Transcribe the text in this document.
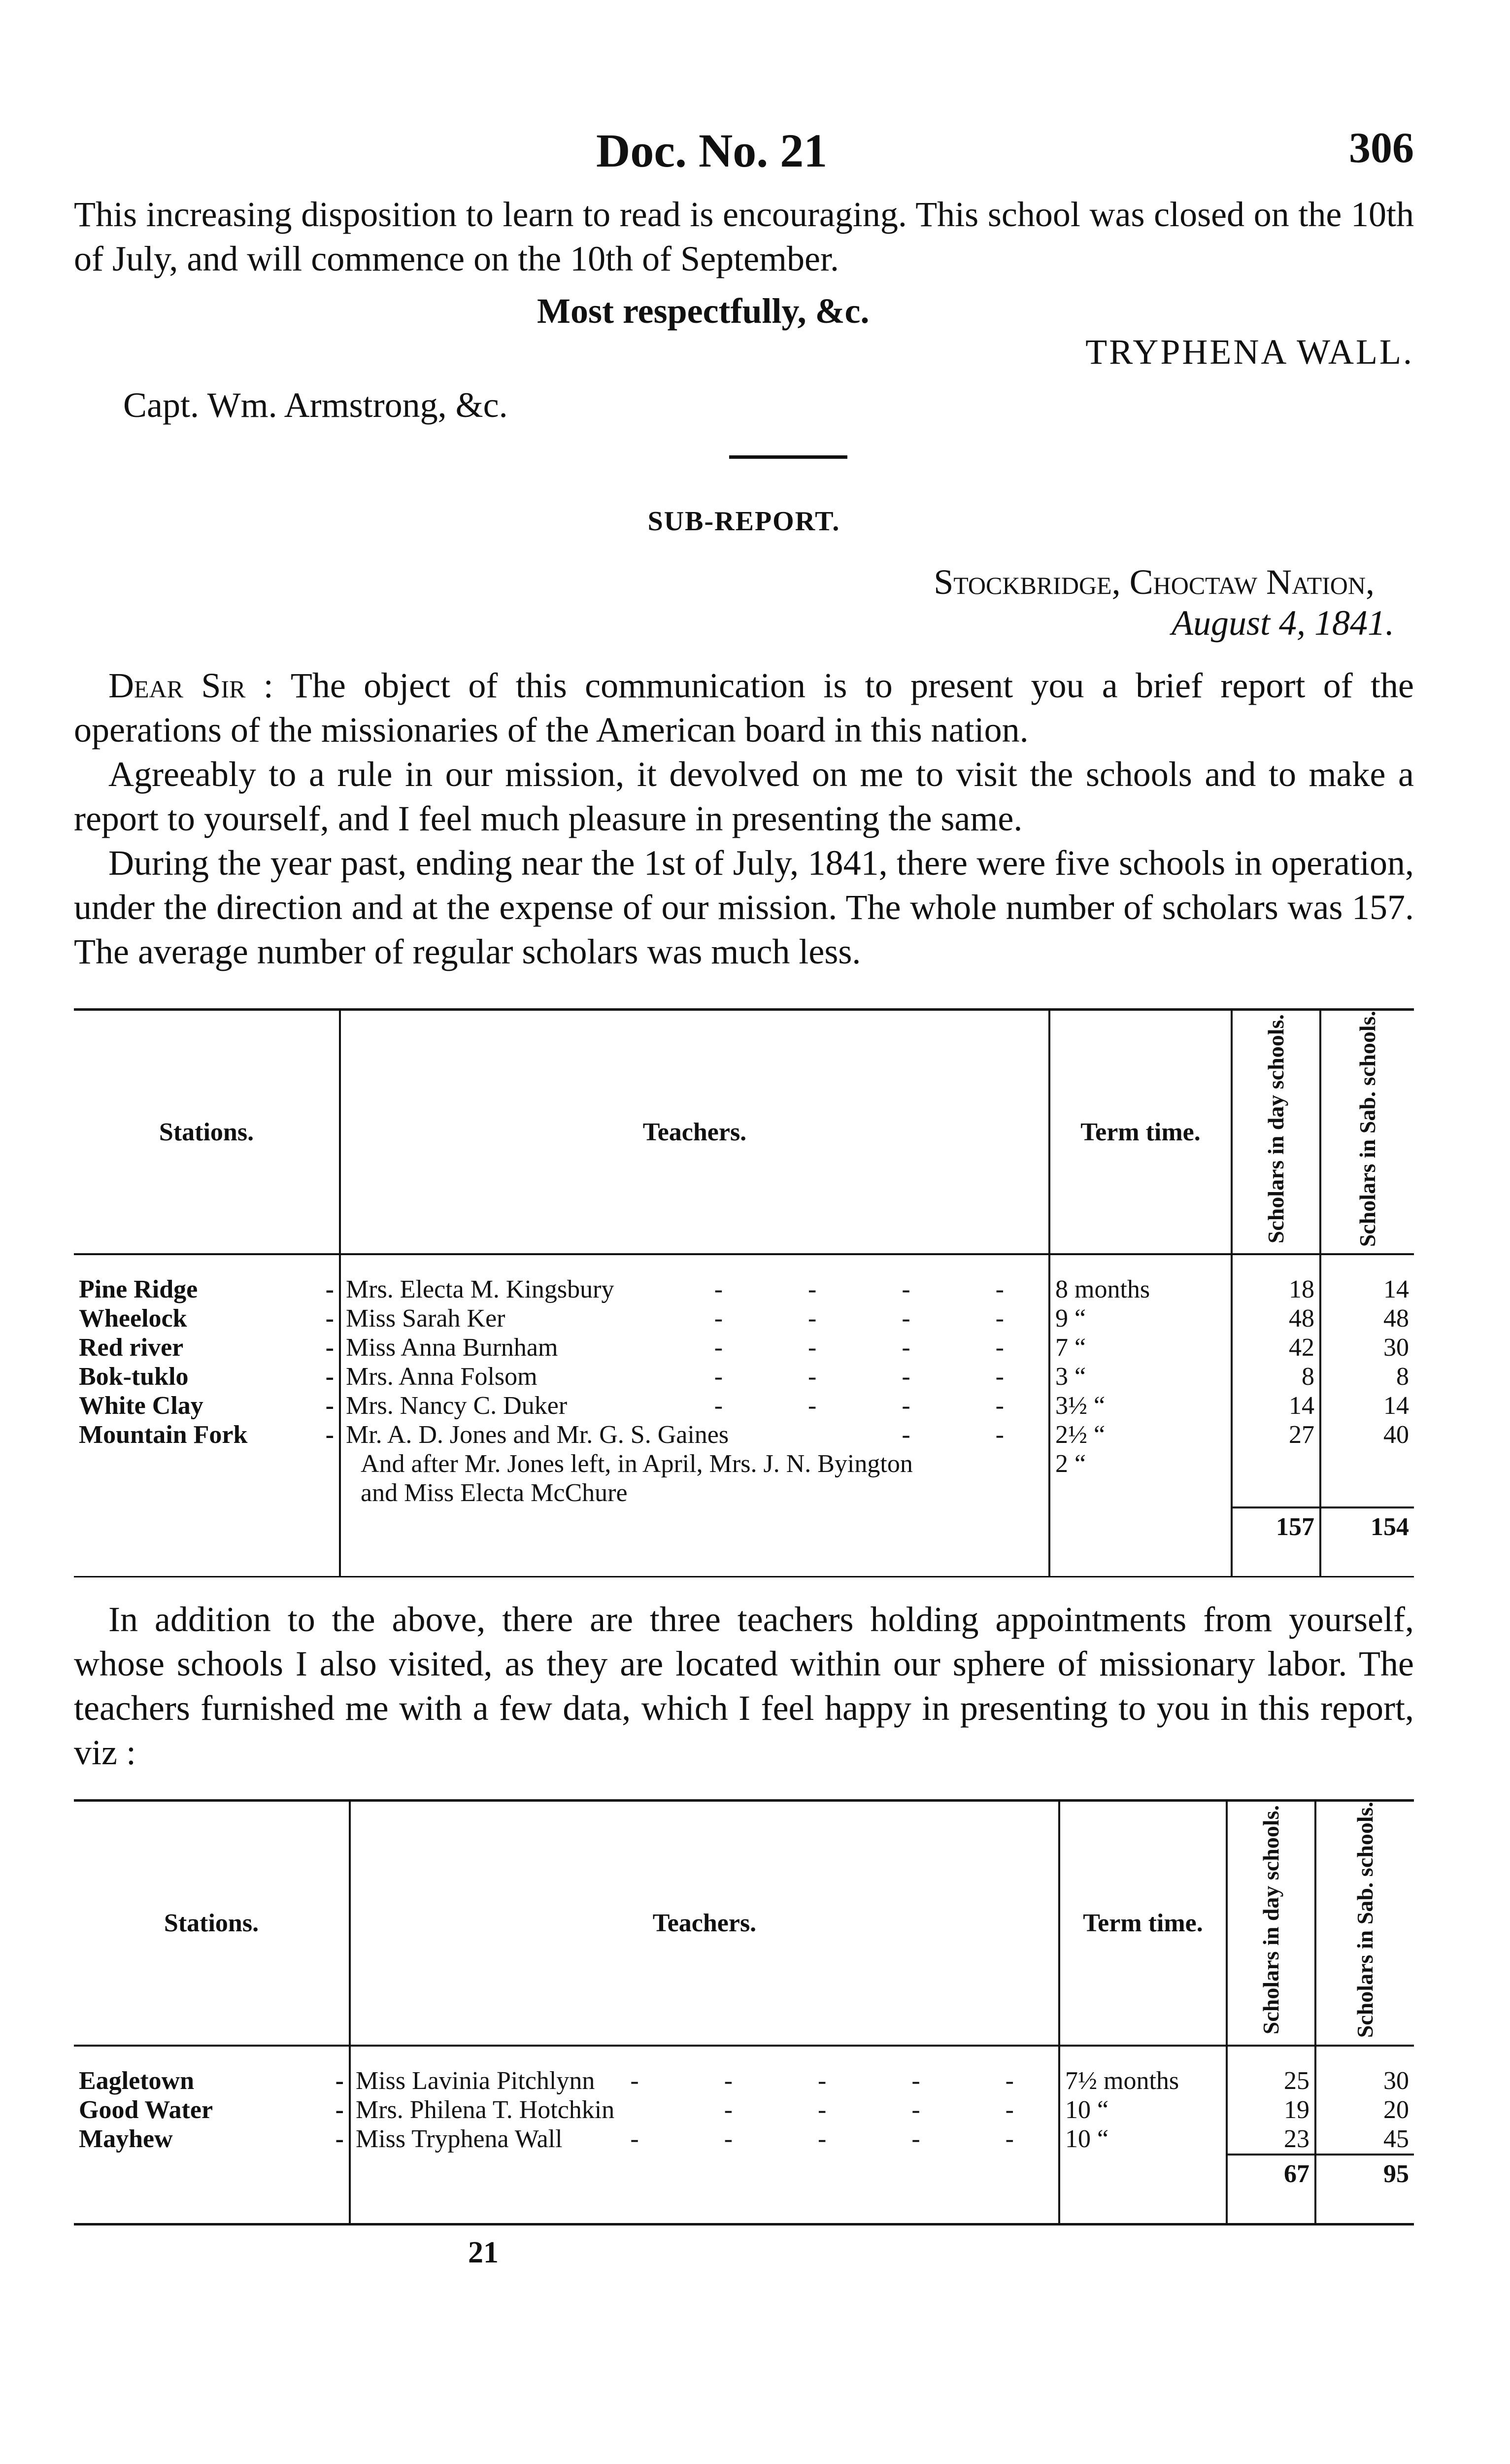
Doc. No. 21	306

This increasing disposition to learn to read is encouraging. This school was closed on the 10th of July, and will commence on the 10th of September.

Most respectfully, &c.

TRYPHENA WALL.

Capt. Wm. Armstrong, &c.

SUB-REPORT.

Stockbridge, Choctaw Nation,

August 4, 1841.

Dear Sir : The object of this communication is to present you a brief report of the operations of the missionaries of the American board in this nation.

Agreeably to a rule in our mission, it devolved on me to visit the schools and to make a report to yourself, and I feel much pleasure in presenting the same.

During the year past, ending near the 1st of July, 1841, there were five schools in operation, under the direction and at the expense of our mission. The whole number of scholars was 157. The average number of regular scholars was much less.

Stations.	Teachers.	Term time.	Scholars in day schools.	Scholars in Sab. schools.
Pine Ridge -	Mrs. Electa M. Kingsbury - - - -	8 months	18	14
Wheelock -	Miss Sarah Ker - - - -	9 “	48	48
Red river -	Miss Anna Burnham - - - -	7 “	42	30
Bok-tuklo -	Mrs. Anna Folsom - - - -	3 “	8	8
White Clay -	Mrs. Nancy C. Duker - - - -	3½ “	14	14
Mountain Fork -	Mr. A. D. Jones and Mr. G. S. Gaines - -	2½ “	27	40
	And after Mr. Jones left, in April, Mrs. J. N. Byington and Miss Electa McChure	2 “		
			157	154

In addition to the above, there are three teachers holding appointments from yourself, whose schools I also visited, as they are located within our sphere of missionary labor. The teachers furnished me with a few data, which I feel happy in presenting to you in this report, viz :

Stations.	Teachers.	Term time.	Scholars in day schools.	Scholars in Sab. schools.
Eagletown -	Miss Lavinia Pitchlynn - - - - -	7½ months	25	30
Good Water -	Mrs. Philena T. Hotchkin - - - -	10 “	19	20
Mayhew -	Miss Tryphena Wall - - - - -	10 “	23	45
			67	95

21
